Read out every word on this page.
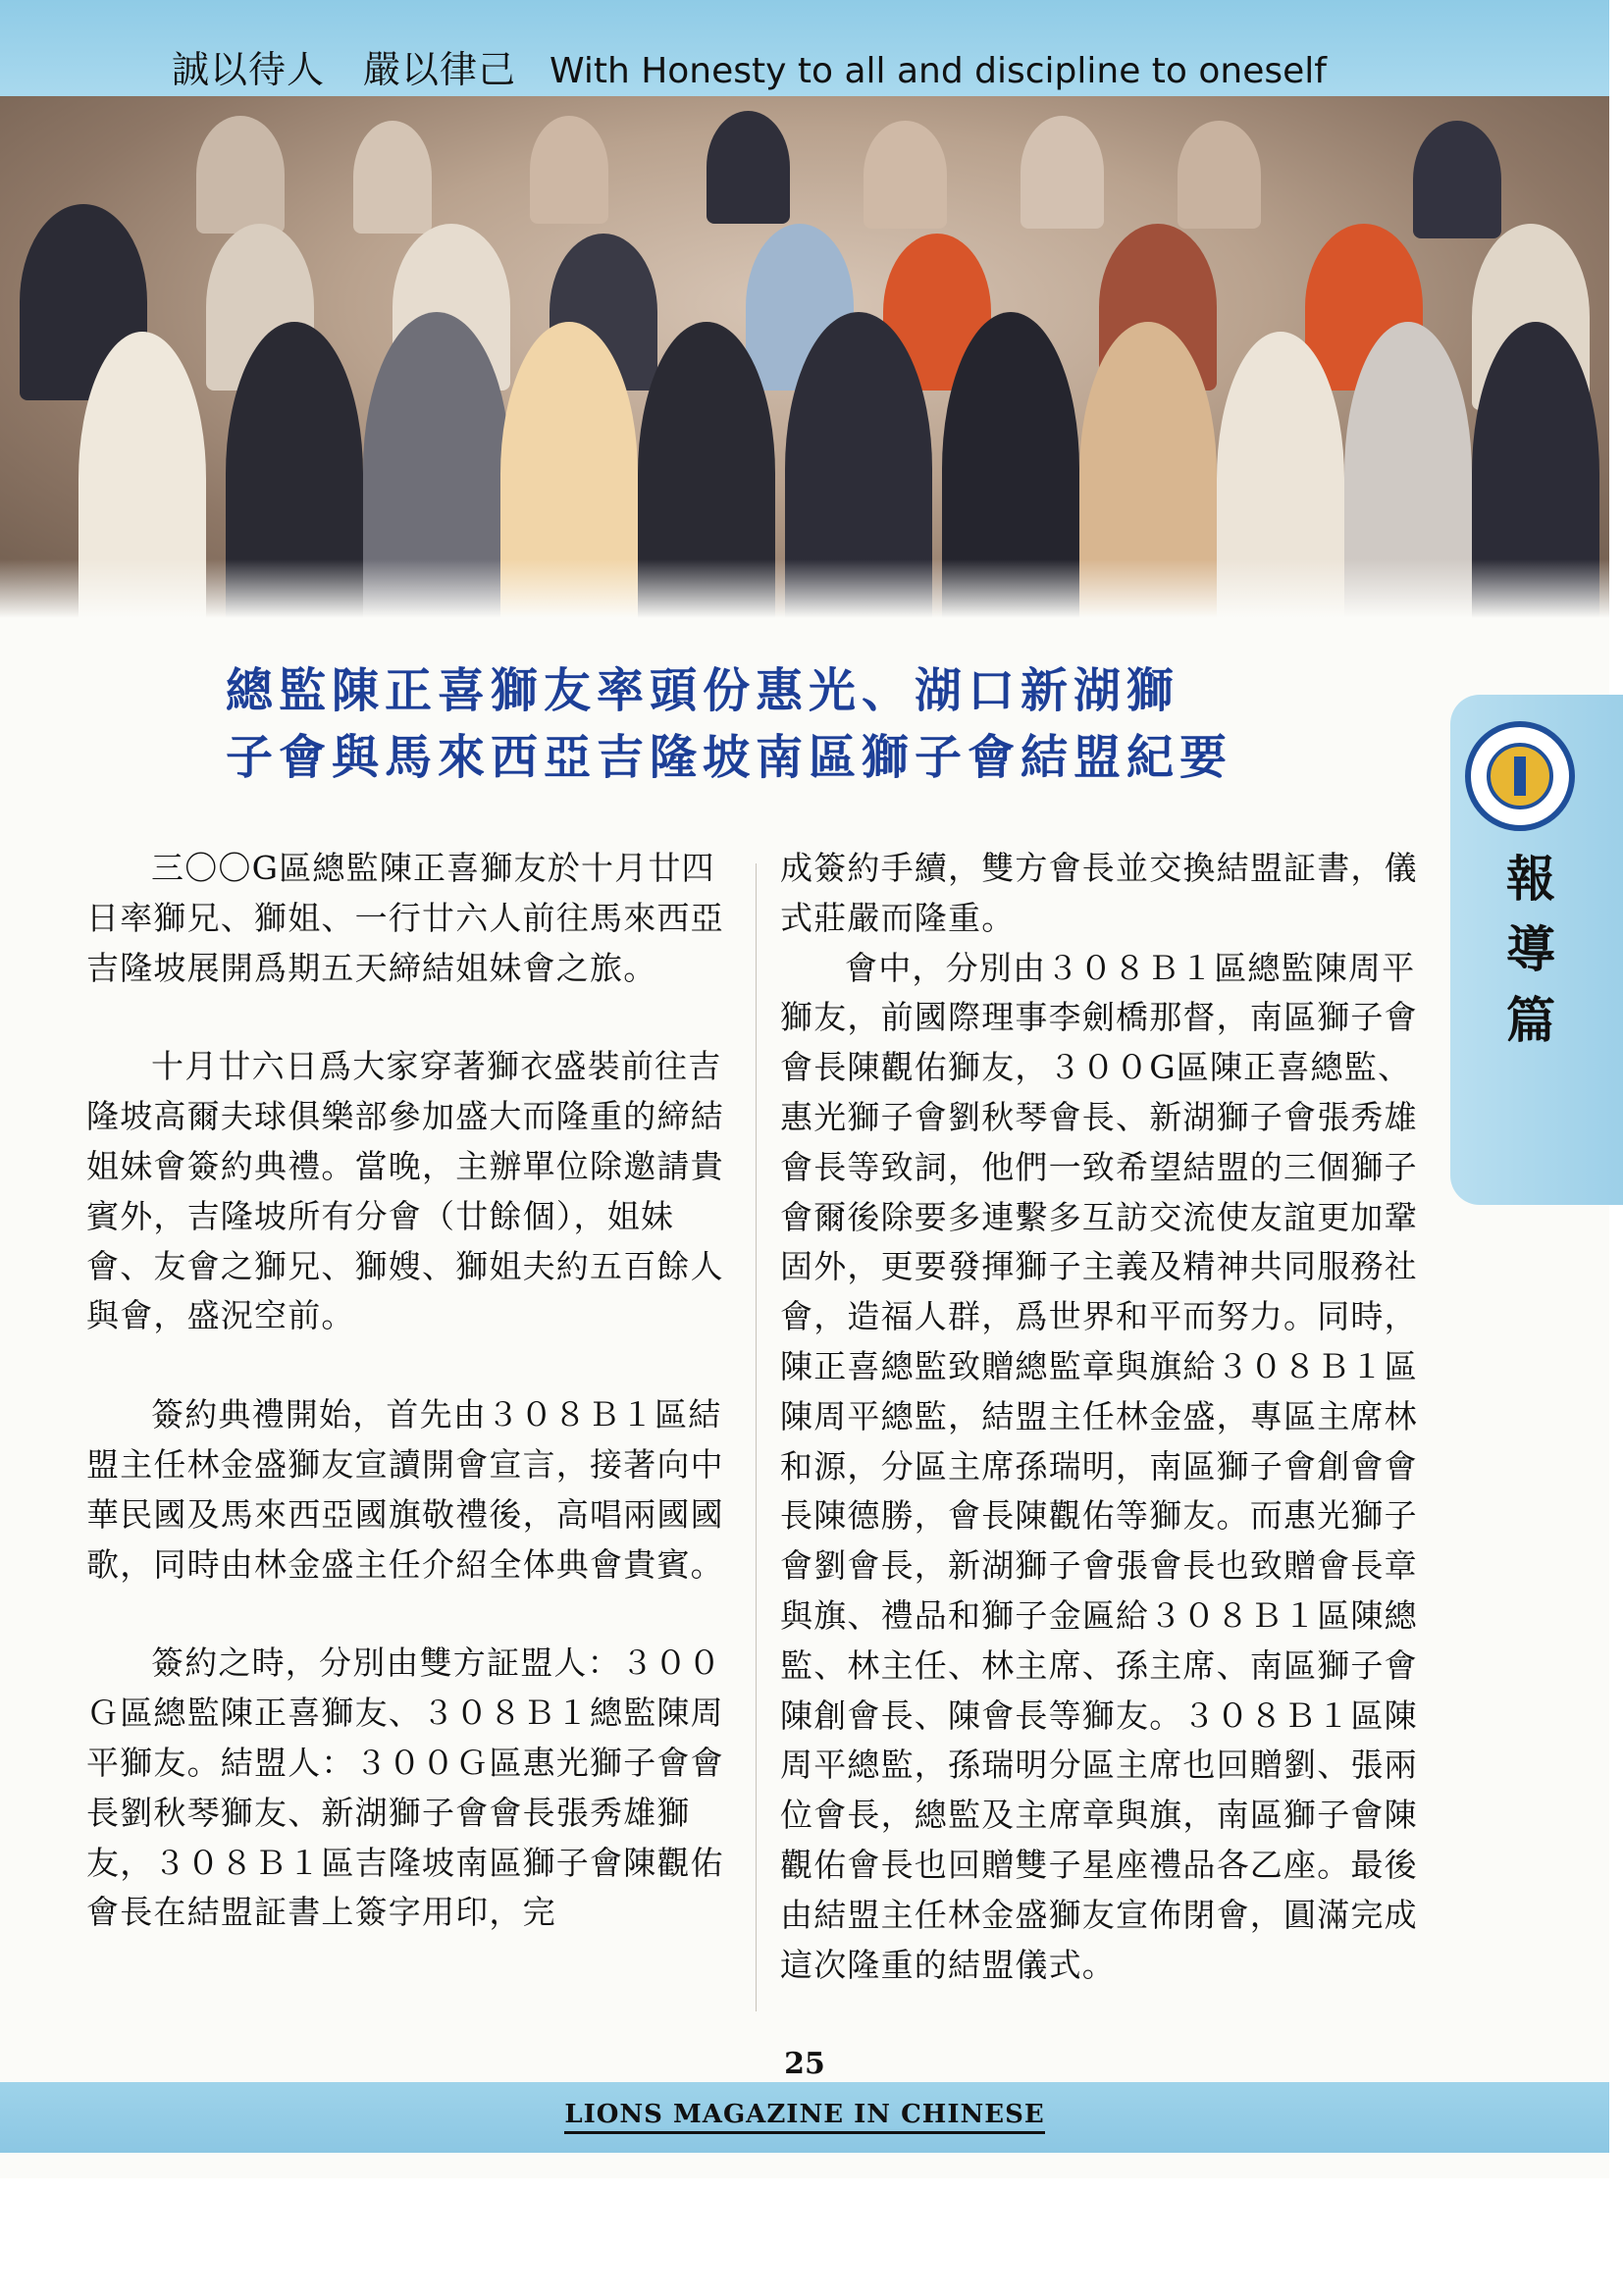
誠以待人　嚴以律己 With Honesty to all and discipline to oneself
總監陳正喜獅友率頭份惠光、湖口新湖獅
子會與馬來西亞吉隆坡南區獅子會結盟紀要

三〇〇G區總監陳正喜獅友於十月廿四日率獅兄、獅姐、一行廿六人前往馬來西亞吉隆坡展開爲期五天締結姐妹會之旅。

十月廿六日爲大家穿著獅衣盛裝前往吉隆坡高爾夫球俱樂部參加盛大而隆重的締結姐妹會簽約典禮。當晚，主辦單位除邀請貴賓外，吉隆坡所有分會（廿餘個），姐妹會、友會之獅兄、獅嫂、獅姐夫約五百餘人與會，盛況空前。

簽約典禮開始，首先由３０８Ｂ１區結盟主任林金盛獅友宣讀開會宣言，接著向中華民國及馬來西亞國旗敬禮後，高唱兩國國歌，同時由林金盛主任介紹全体典會貴賓。

簽約之時，分別由雙方証盟人：３００Ｇ區總監陳正喜獅友、３０８Ｂ１總監陳周平獅友。結盟人：３００Ｇ區惠光獅子會會長劉秋琴獅友、新湖獅子會會長張秀雄獅友，３０８Ｂ１區吉隆坡南區獅子會陳觀佑會長在結盟証書上簽字用印，完

成簽約手續，雙方會長並交換結盟証書，儀式莊嚴而隆重。

會中，分別由３０８Ｂ１區總監陳周平獅友，前國際理事李劍橋那督，南區獅子會會長陳觀佑獅友，３００G區陳正喜總監、惠光獅子會劉秋琴會長、新湖獅子會張秀雄會長等致詞，他們一致希望結盟的三個獅子會爾後除要多連繫多互訪交流使友誼更加鞏固外，更要發揮獅子主義及精神共同服務社會，造福人群，爲世界和平而努力。同時，陳正喜總監致贈總監章與旗給３０８Ｂ１區陳周平總監，結盟主任林金盛，專區主席林和源，分區主席孫瑞明，南區獅子會創會會長陳德勝，會長陳觀佑等獅友。而惠光獅子會劉會長，新湖獅子會張會長也致贈會長章與旗、禮品和獅子金匾給３０８Ｂ１區陳總監、林主任、林主席、孫主席、南區獅子會陳創會長、陳會長等獅友。３０８Ｂ１區陳周平總監，孫瑞明分區主席也回贈劉、張兩位會長，總監及主席章與旗，南區獅子會陳觀佑會長也回贈雙子星座禮品各乙座。最後由結盟主任林金盛獅友宣佈閉會，圓滿完成這次隆重的結盟儀式。

25
LIONS MAGAZINE IN CHINESE
報
導
篇
